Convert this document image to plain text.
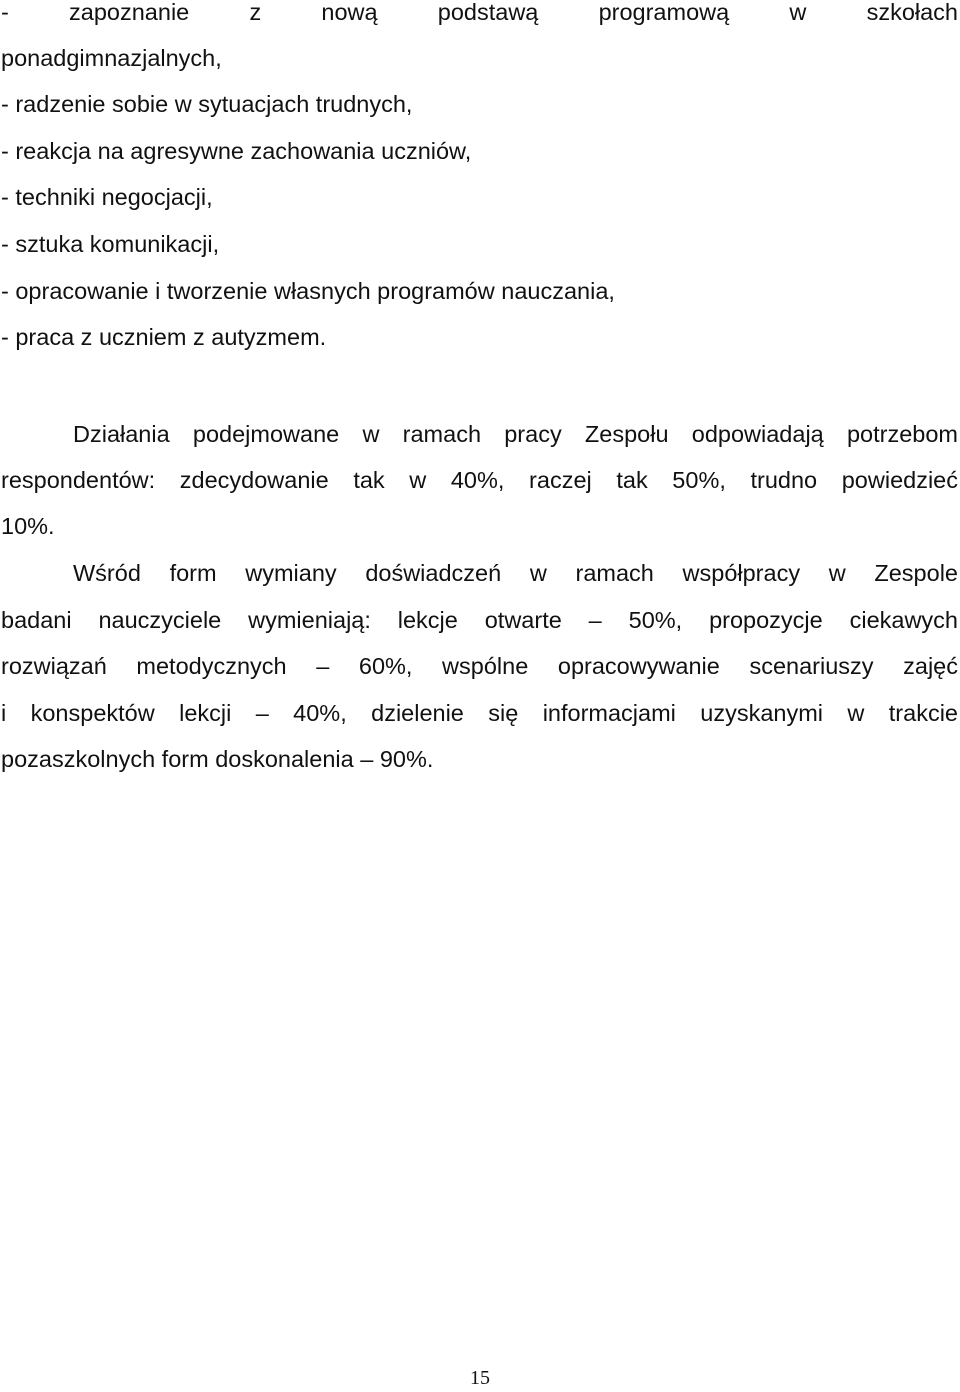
- zapoznanie z nową podstawą programową w szkołach
ponadgimnazjalnych,
- radzenie sobie w sytuacjach trudnych,
- reakcja na agresywne zachowania uczniów,
- techniki negocjacji,
- sztuka komunikacji,
- opracowanie i tworzenie własnych programów nauczania,
- praca z uczniem z autyzmem.
Działania podejmowane w ramach pracy Zespołu odpowiadają potrzebom
respondentów: zdecydowanie tak w 40%, raczej tak 50%, trudno powiedzieć
10%.
Wśród form wymiany doświadczeń w ramach współpracy w Zespole
badani nauczyciele wymieniają: lekcje otwarte – 50%, propozycje ciekawych
rozwiązań metodycznych – 60%, wspólne opracowywanie scenariuszy zajęć
i konspektów lekcji – 40%, dzielenie się informacjami uzyskanymi w trakcie
pozaszkolnych form doskonalenia – 90%.
15
